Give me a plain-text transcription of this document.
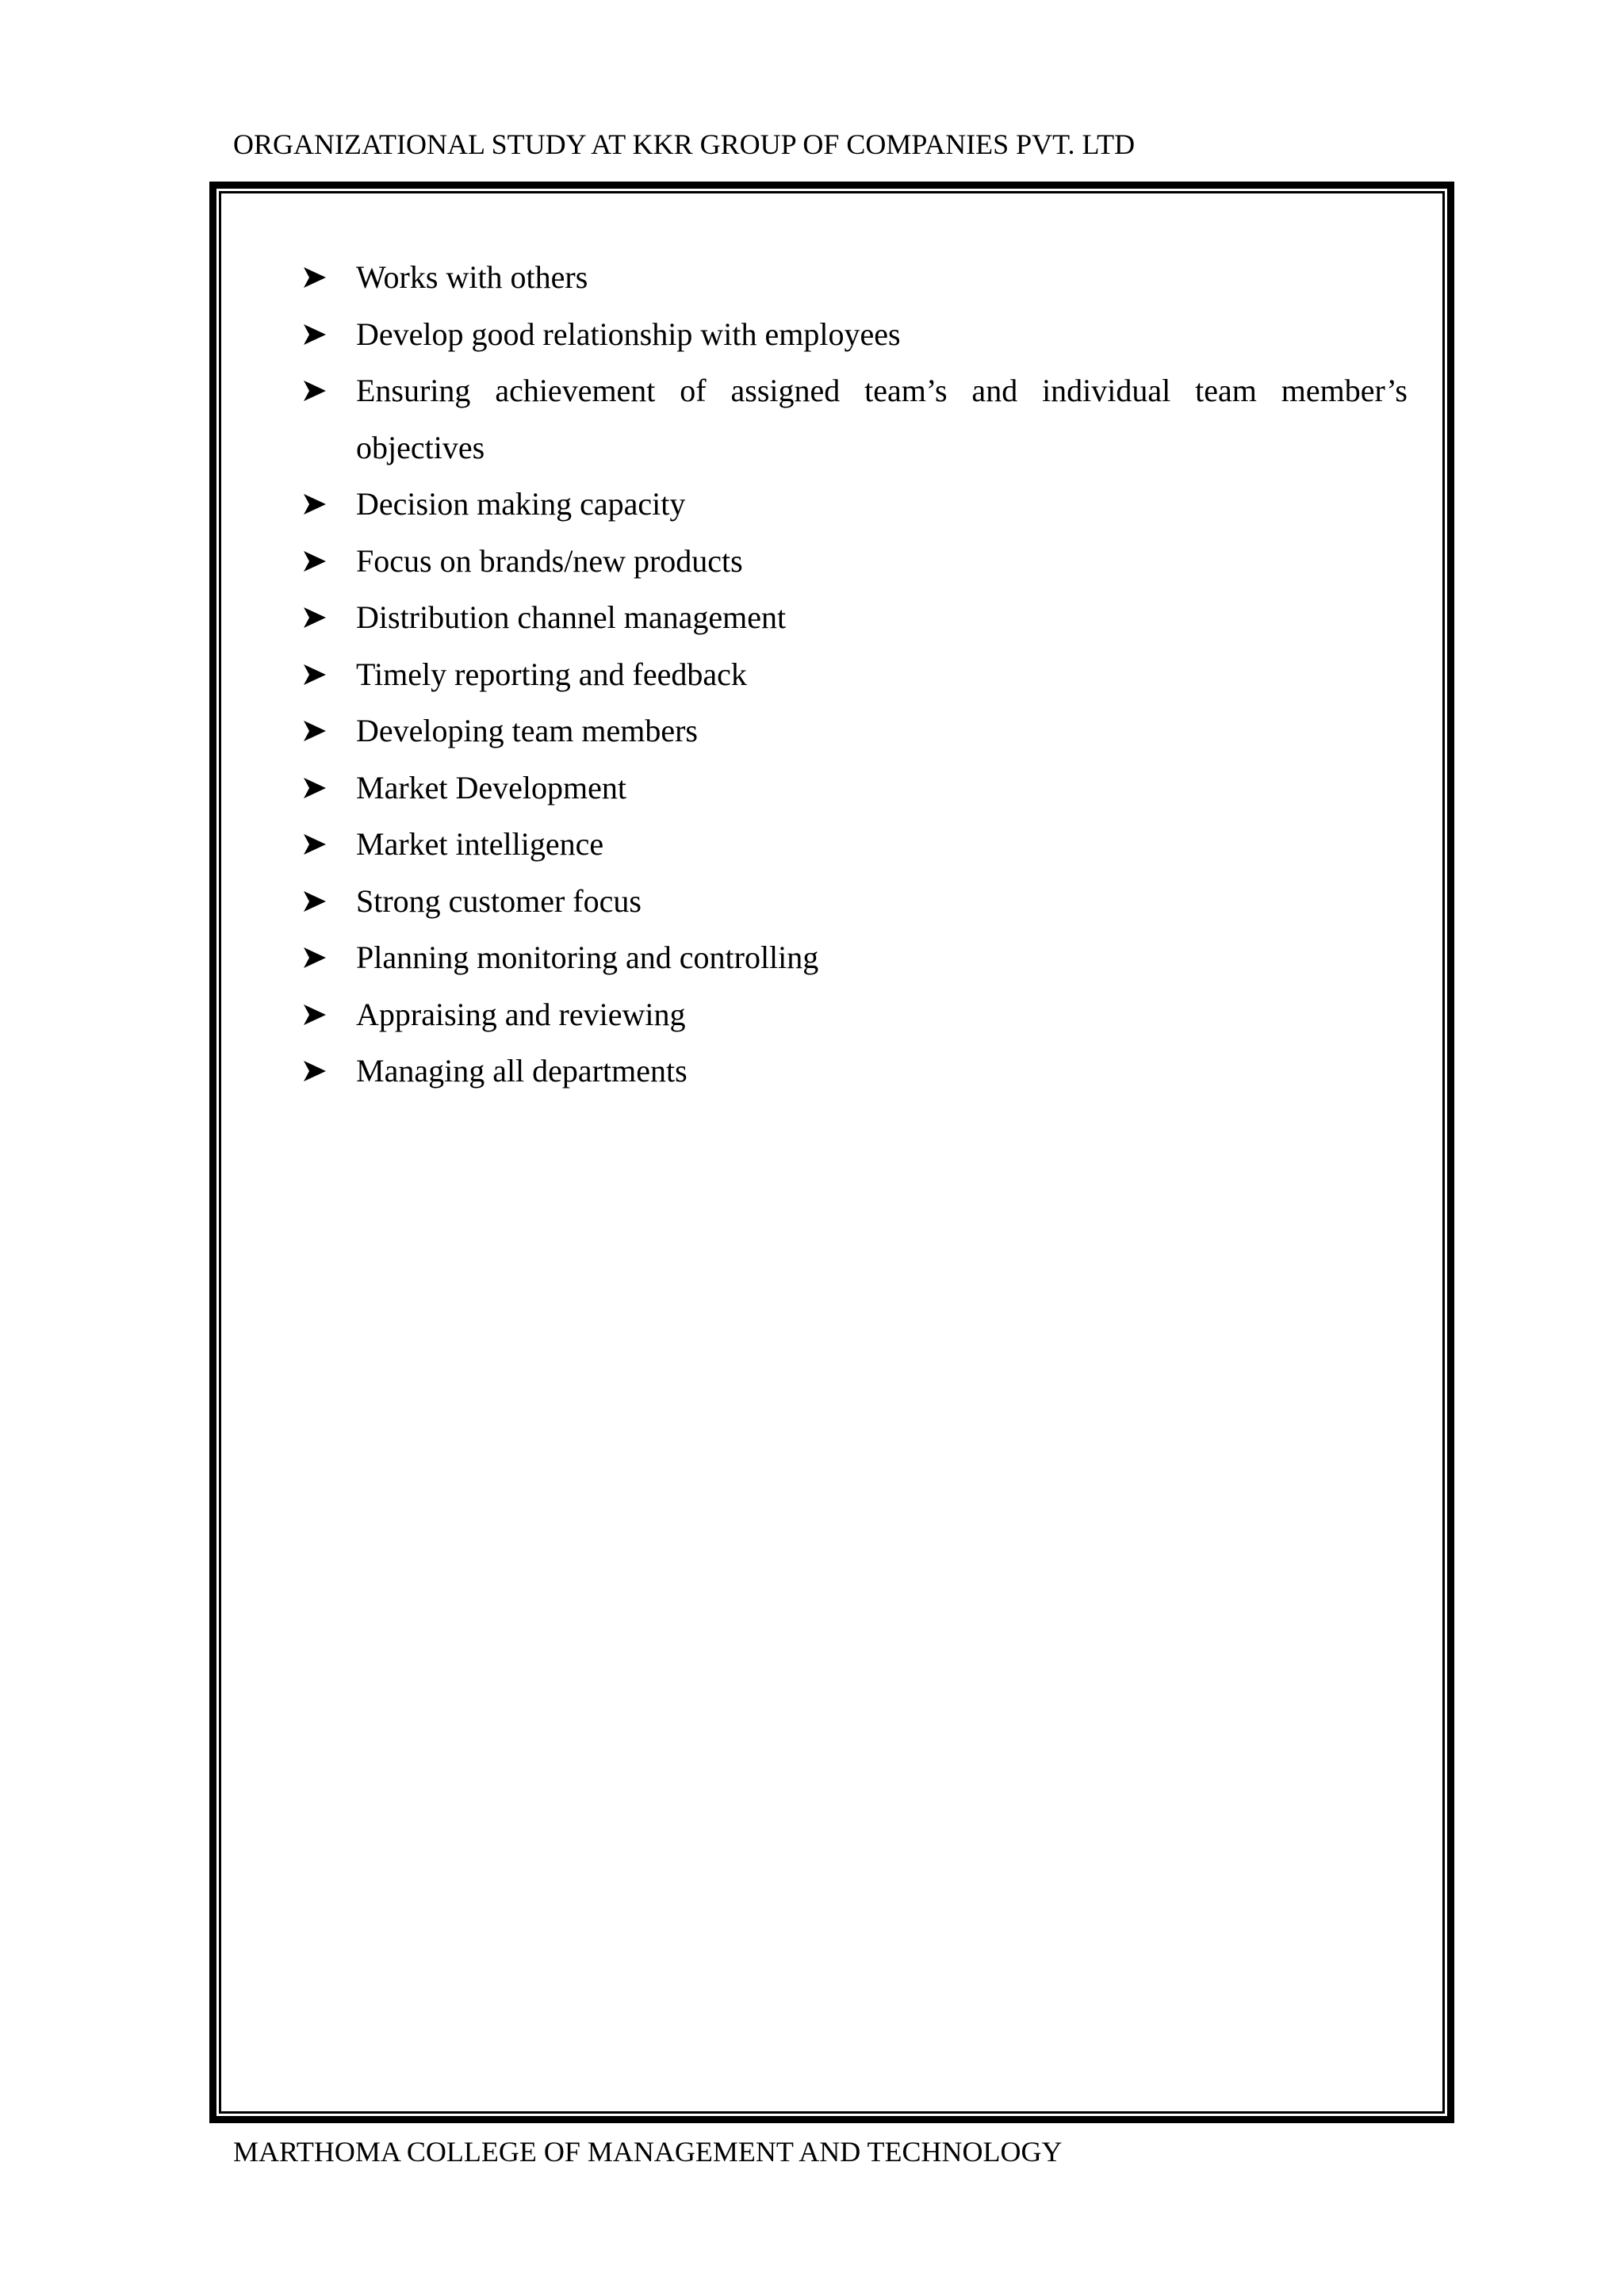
ORGANIZATIONAL STUDY AT KKR GROUP OF COMPANIES PVT. LTD
Works with others
Develop good relationship with employees
Ensuring achievement of assigned team’s and individual team member’s objectives
Decision making capacity
Focus on brands/new products
Distribution channel management
Timely reporting and feedback
Developing team members
Market Development
Market intelligence
Strong customer focus
Planning monitoring and controlling
Appraising and reviewing
Managing all departments
MARTHOMA COLLEGE OF MANAGEMENT AND TECHNOLOGY
